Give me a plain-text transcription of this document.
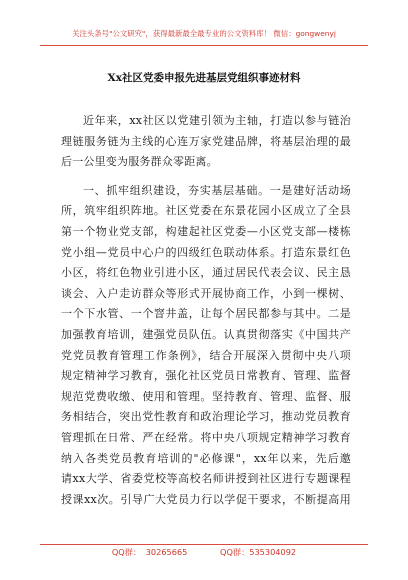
关注头条号"公文研究"，获得最新最全最专业的公文资料库！ 微信：gongwenyj
Xx社区党委申报先进基层党组织事迹材料
近年来，xx社区以党建引领为主轴，打造以参与链治
理链服务链为主线的心连万家党建品牌，将基层治理的最
后一公里变为服务群众零距离。
一、抓牢组织建设，夯实基层基础。一是建好活动场
所，筑牢组织阵地。社区党委在东景花园小区成立了全县
第一个物业党支部，构建起社区党委—小区党支部—楼栋
党小组—党员中心户的四级红色联动体系。打造东景红色
小区，将红色物业引进小区，通过居民代表会议、民主恳
谈会、入户走访群众等形式开展协商工作，小到一棵树、
一个下水管、一个窨井盖，让每个居民都参与其中。二是
加强教育培训，建强党员队伍。认真贯彻落实《中国共产
党党员教育管理工作条例》，结合开展深入贯彻中央八项
规定精神学习教育，强化社区党员日常教育、管理、监督
规范党费收缴、使用和管理。坚持教育、管理、监督、服
务相结合，突出党性教育和政治理论学习，推动党员教育
管理抓在日常、严在经常。将中央八项规定精神学习教育
纳入各类党员教育培训的"必修课"，xx年以来，先后邀
请xx大学、省委党校等高校名师讲授到社区进行专题课程
授课xx次。引导广大党员力行以学促干要求，不断提高用
QQ群： 30265665	QQ群：535304092
